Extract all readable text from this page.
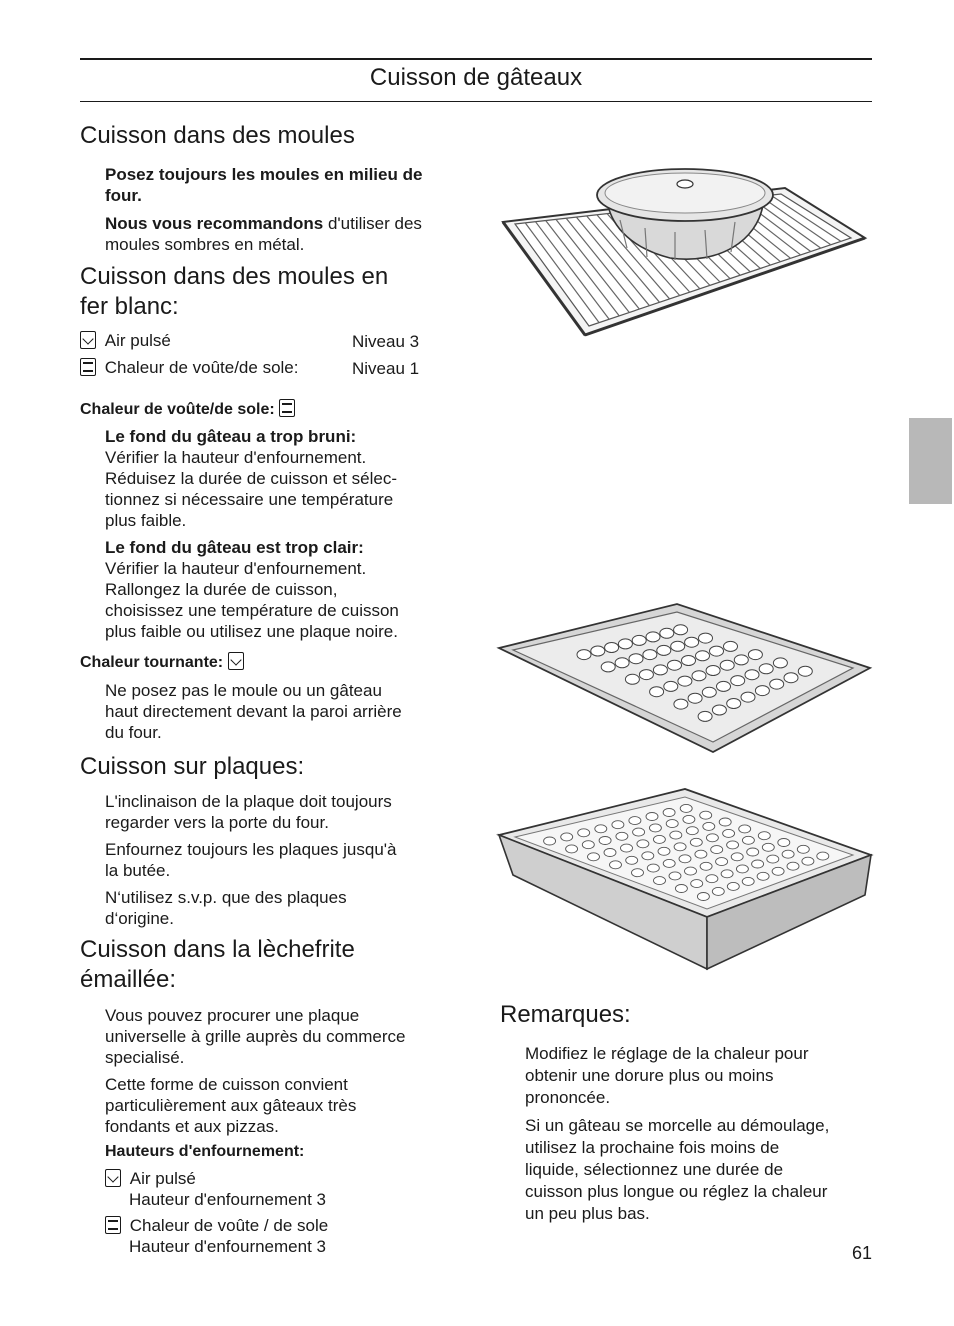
Cuisson de gâteaux
Cuisson dans des moules
Posez toujours les moules en milieu de four.
Nous vous recommandons d'utiliser des moules sombres en métal.
Cuisson dans des moules en
fer blanc:
Air pulsé	Niveau 3
Chaleur de voûte/de sole:	Niveau 1
Chaleur de voûte/de sole:
Le fond du gâteau a trop bruni:
Vérifier la hauteur d'enfournement.
Réduisez la durée de cuisson et sélec-
tionnez si nécessaire une température
plus faible.
Le fond du gâteau est trop clair:
Vérifier la hauteur d'enfournement.
Rallongez la durée de cuisson,
choisissez une température de cuisson
plus faible ou utilisez une plaque noire.
Chaleur tournante:
Ne posez pas le moule ou un gâteau
haut directement devant la paroi arrière
du four.
Cuisson sur plaques:
L'inclinaison de la plaque doit toujours
regarder vers la porte du four.
Enfournez toujours les plaques jusqu'à
la butée.
N‘utilisez s.v.p. que des plaques
d‘origine.
Cuisson dans la lèchefrite
émaillée:
Vous pouvez procurer une plaque
universelle à grille auprès du commerce
specialisé.
Cette forme de cuisson convient
particulièrement aux gâteaux très
fondants et aux pizzas.
Hauteurs d'enfournement:
Air pulsé
Hauteur d'enfournement 3
Chaleur de voûte / de sole
Hauteur d'enfournement 3
Remarques:
Modifiez le réglage de la chaleur pour
obtenir une dorure plus ou moins
prononcée.
Si un gâteau se morcelle au démoulage,
utilisez la prochaine fois moins de
liquide, sélectionnez une durée de
cuisson plus longue ou réglez la chaleur
un peu plus bas.
61
